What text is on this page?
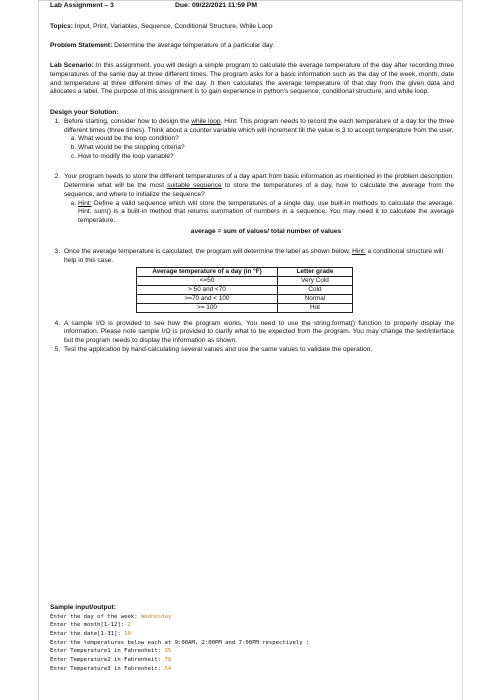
Lab Assignment – 3	Due: 09/22/2021 11:59 PM

Topics: Input, Print, Variables, Sequence, Conditional Structure, While Loop

Problem Statement: Determine the average temperature of a particular day.

Lab Scenario: In this assignment, you will design a simple program to calculate the average temperature of the day after recording three temperatures of the same day at three different times. The program asks for a basic information such as the day of the week, month, date and temperature at three different times of the day. It then calculates the average temperature of that day from the given data and allocates a label. The purpose of this assignment is to gain experience in python's sequence, conditional structure, and while loop.

Design your Solution:

1. Before starting, consider how to design the while loop. Hint: This program needs to record the each temperature of a day for the three different times (three times). Think about a counter variable which will increment till the value is 3 to accept temperature from the user.
a. What would be the loop condition?
b. What would be the stopping criteria?
c. How to modify the loop variable?
2. Your program needs to store the different temperatures of a day apart from basic information as mentioned in the problem description. Determine what will be the most suitable sequence to store the temperatures of a day, how to calculate the average from the sequence, and where to initialize the sequence?
a. Hint: Define a valid sequence which will store the temperatures of a single day, use built-in methods to calculate the average. Hint: sum() is a built-in method that returns summation of numbers in a sequence. You may need it to calculate the average temperature.
average = sum of values/ total number of values
3. Once the average temperature is calculated, the program will determine the label as shown below. Hint: a conditional structure will help in this case.
Average temperature of a day (in °F)	Letter grade
<=50	Very Cold
> 50 and <70	Cold
>=70 and < 100	Normal
>= 100	Hot
4. A sample I/O is provided to see how the program works. You need to use the string.format() function to properly display the information. Please note sample I/O is provided to clarify what to be expected from the program. You may change the text/interface but the program needs to display the information as shown.
5. Test the application by hand-calculating several values and use the same values to validate the operation.

Sample input/output:

Enter the day of the week: Wednesday
Enter the month[1-12]: 2
Enter the date[1-31]: 10
Enter the temperatures below each at 9:00AM, 2:00PM and 7:00PM respectively :
Enter Temperature1 in Fahrenheit: 35
Enter Temperature2 in Fahrenheit: 78
Enter Temperature3 in Fahrenheit: 54
